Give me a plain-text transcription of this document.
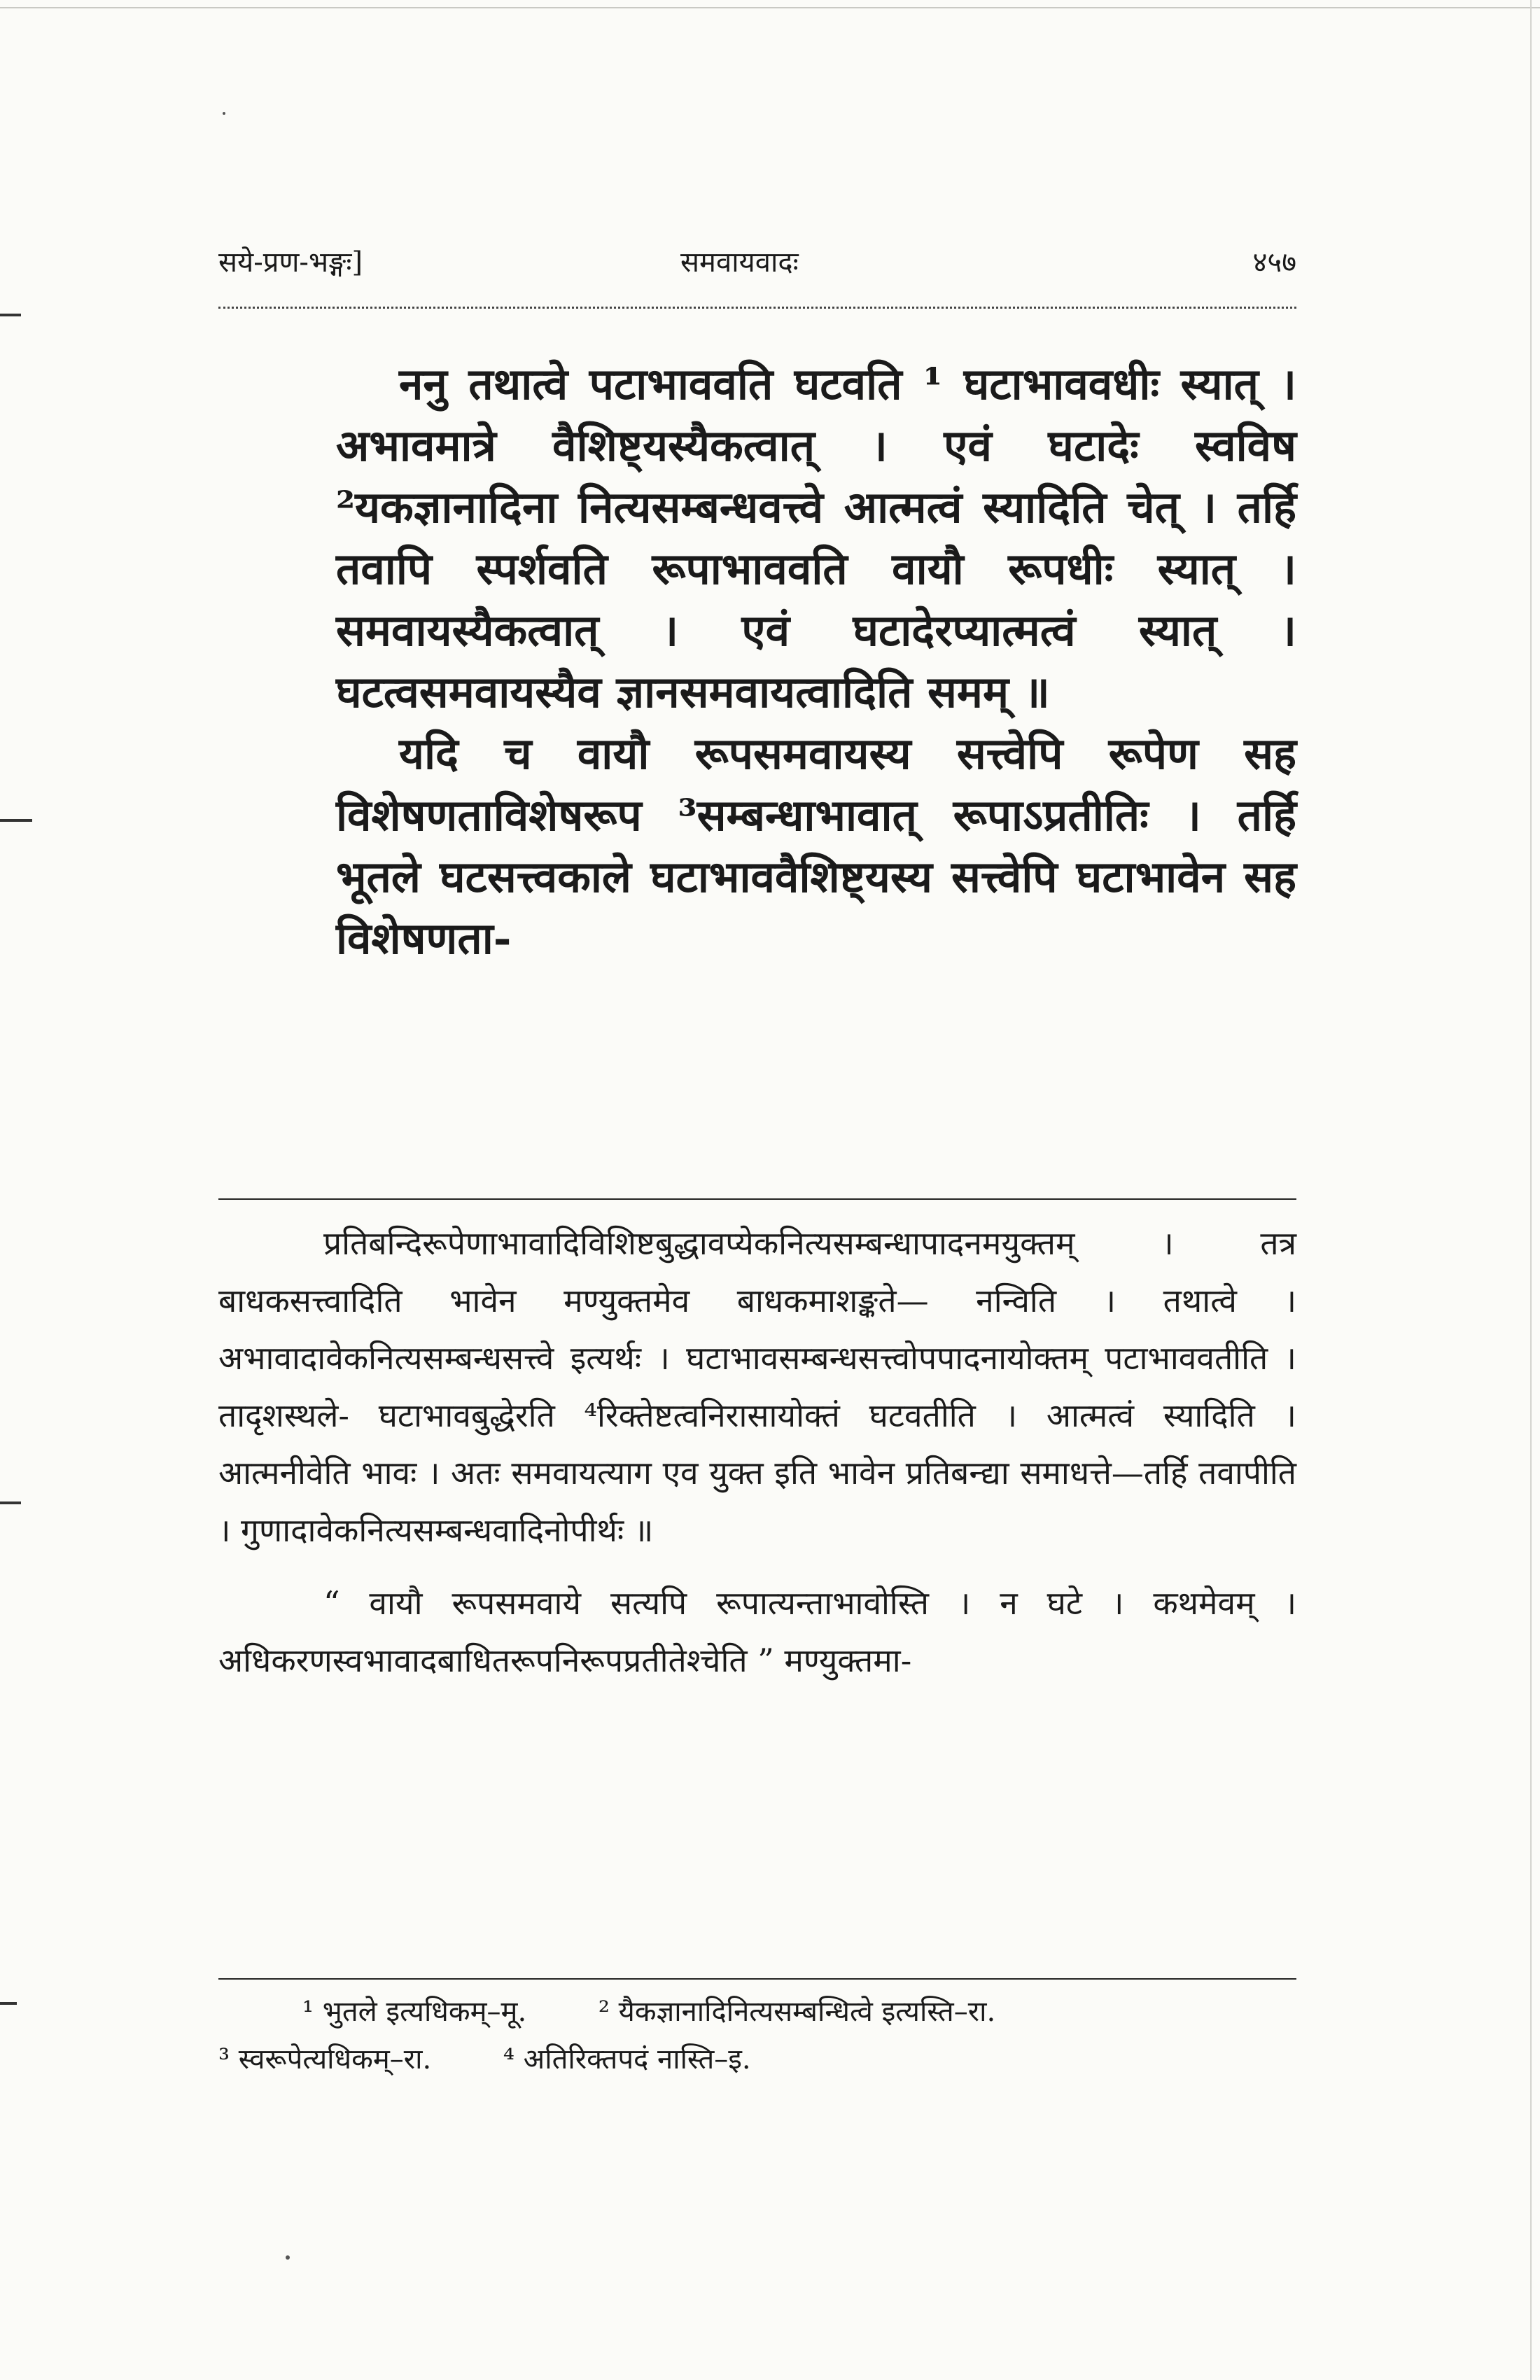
सये-प्रण-भङ्गः]	समवायवादः	४५७

ननु तथात्वे पटाभाववति घटवति ¹ घटाभाववधीः स्यात् । अभावमात्रे वैशिष्ट्यस्यैकत्वात् । एवं घटादेः स्वविष ²यकज्ञानादिना नित्यसम्बन्धवत्त्वे आत्मत्वं स्यादिति चेत् । तर्हि तवापि स्पर्शवति रूपाभाववति वायौ रूपधीः स्यात् । समवायस्यैकत्वात् । एवं घटादेरप्यात्मत्वं स्यात् । घटत्वसमवायस्यैव ज्ञानसमवायत्वादिति समम् ॥

यदि च वायौ रूपसमवायस्य सत्त्वेपि रूपेण सह विशेषणताविशेषरूप ³सम्बन्धाभावात् रूपाऽप्रतीतिः । तर्हि भूतले घटसत्त्वकाले घटाभाववैशिष्ट्यस्य सत्त्वेपि घटाभावेन सह विशेषणता-

प्रतिबन्दिरूपेणाभावादिविशिष्टबुद्धावप्येकनित्यसम्बन्धापादनमयुक्तम् । तत्र बाधकसत्त्वादिति भावेन मण्युक्तमेव बाधकमाशङ्कते— नन्विति । तथात्वे । अभावादावेकनित्यसम्बन्धसत्त्वे इत्यर्थः । घटाभावसम्बन्धसत्त्वोपपादनायोक्तम् पटाभाववतीति । तादृशस्थले- घटाभावबुद्धेरति ⁴रिक्तेष्टत्वनिरासायोक्तं घटवतीति । आत्मत्वं स्यादिति । आत्मनीवेति भावः । अतः समवायत्याग एव युक्त इति भावेन प्रतिबन्द्या समाधत्ते—तर्हि तवापीति । गुणादावेकनित्यसम्बन्धवादिनोपीर्थः ॥

“ वायौ रूपसमवाये सत्यपि रूपात्यन्ताभावोस्ति । न घटे । कथमेवम् । अधिकरणस्वभावादबाधितरूपनिरूपप्रतीतेश्चेति ” मण्युक्तमा-

¹ भुतले इत्यधिकम्–मू.	² यैकज्ञानादिनित्यसम्बन्धित्वे इत्यस्ति–रा.
³ स्वरूपेत्यधिकम्–रा.	⁴ अतिरिक्तपदं नास्ति–इ.
